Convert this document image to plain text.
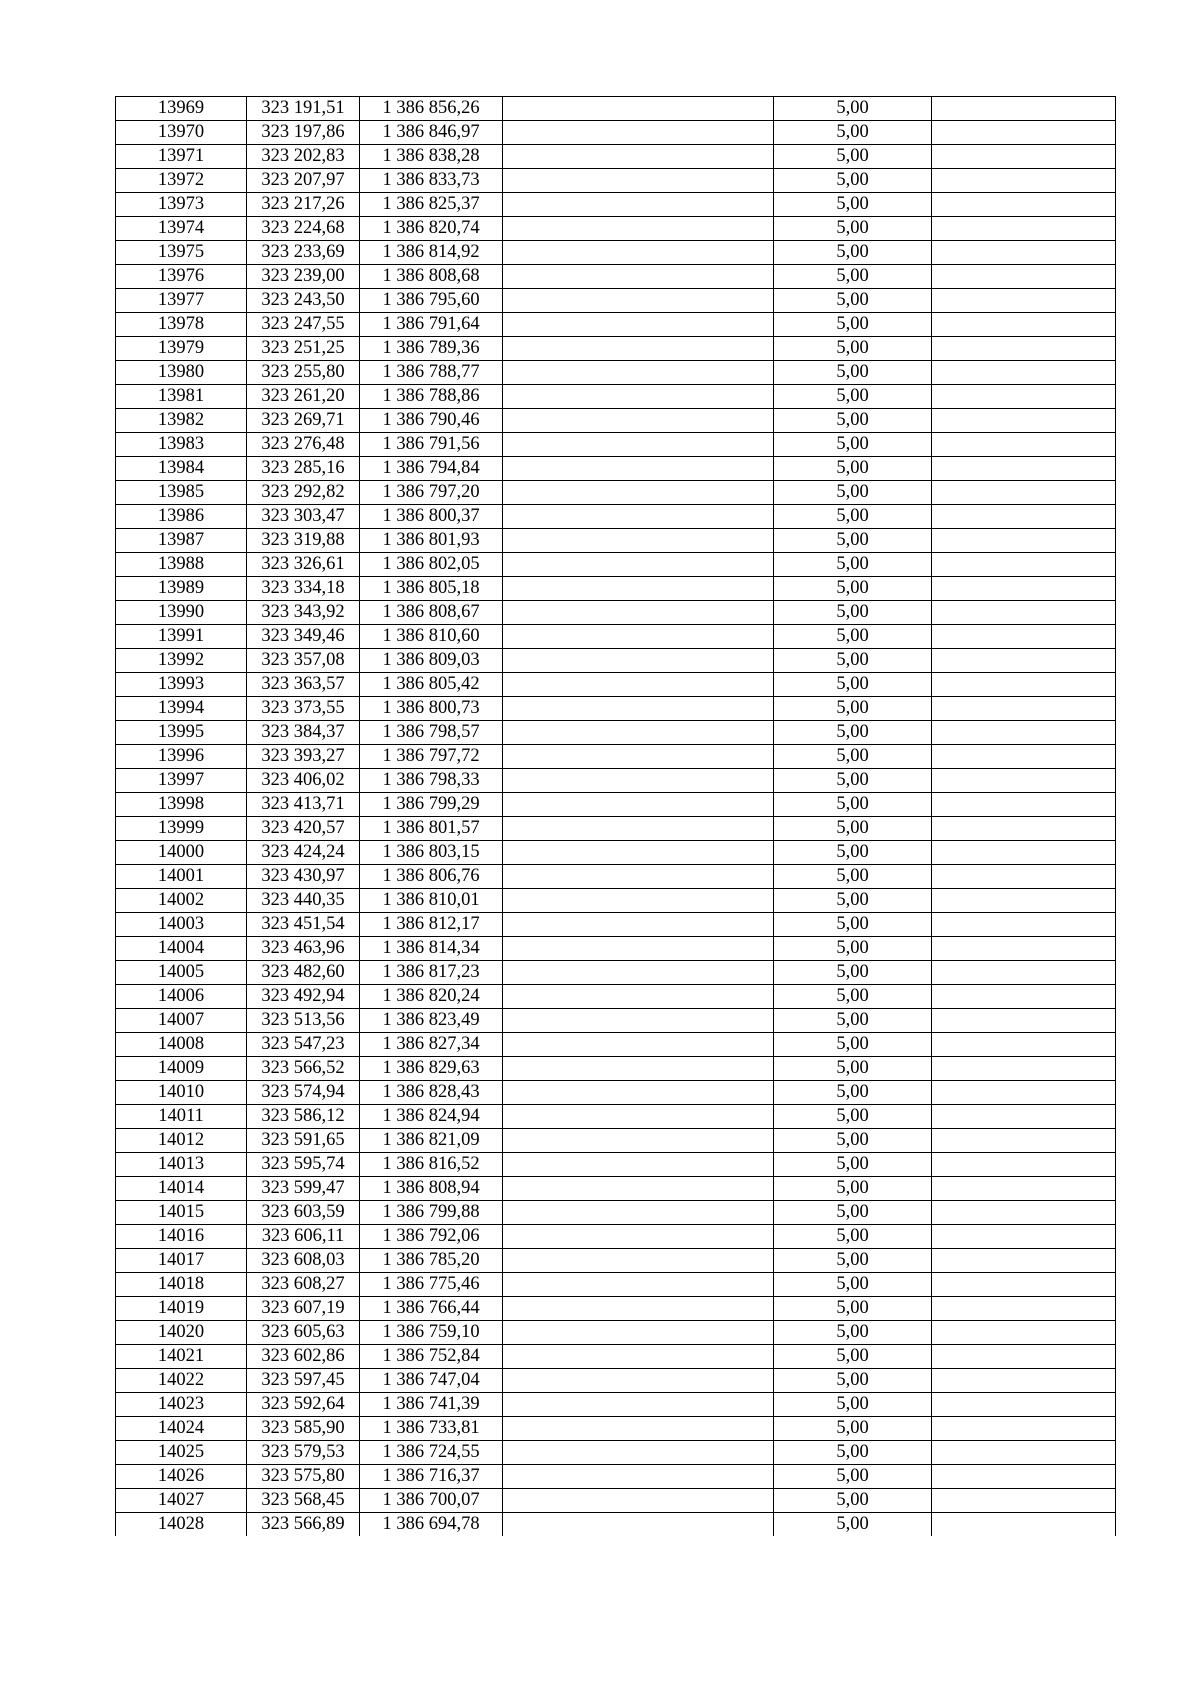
13969	323 191,51	1 386 856,26		5,00	
13970	323 197,86	1 386 846,97		5,00	
13971	323 202,83	1 386 838,28		5,00	
13972	323 207,97	1 386 833,73		5,00	
13973	323 217,26	1 386 825,37		5,00	
13974	323 224,68	1 386 820,74		5,00	
13975	323 233,69	1 386 814,92		5,00	
13976	323 239,00	1 386 808,68		5,00	
13977	323 243,50	1 386 795,60		5,00	
13978	323 247,55	1 386 791,64		5,00	
13979	323 251,25	1 386 789,36		5,00	
13980	323 255,80	1 386 788,77		5,00	
13981	323 261,20	1 386 788,86		5,00	
13982	323 269,71	1 386 790,46		5,00	
13983	323 276,48	1 386 791,56		5,00	
13984	323 285,16	1 386 794,84		5,00	
13985	323 292,82	1 386 797,20		5,00	
13986	323 303,47	1 386 800,37		5,00	
13987	323 319,88	1 386 801,93		5,00	
13988	323 326,61	1 386 802,05		5,00	
13989	323 334,18	1 386 805,18		5,00	
13990	323 343,92	1 386 808,67		5,00	
13991	323 349,46	1 386 810,60		5,00	
13992	323 357,08	1 386 809,03		5,00	
13993	323 363,57	1 386 805,42		5,00	
13994	323 373,55	1 386 800,73		5,00	
13995	323 384,37	1 386 798,57		5,00	
13996	323 393,27	1 386 797,72		5,00	
13997	323 406,02	1 386 798,33		5,00	
13998	323 413,71	1 386 799,29		5,00	
13999	323 420,57	1 386 801,57		5,00	
14000	323 424,24	1 386 803,15		5,00	
14001	323 430,97	1 386 806,76		5,00	
14002	323 440,35	1 386 810,01		5,00	
14003	323 451,54	1 386 812,17		5,00	
14004	323 463,96	1 386 814,34		5,00	
14005	323 482,60	1 386 817,23		5,00	
14006	323 492,94	1 386 820,24		5,00	
14007	323 513,56	1 386 823,49		5,00	
14008	323 547,23	1 386 827,34		5,00	
14009	323 566,52	1 386 829,63		5,00	
14010	323 574,94	1 386 828,43		5,00	
14011	323 586,12	1 386 824,94		5,00	
14012	323 591,65	1 386 821,09		5,00	
14013	323 595,74	1 386 816,52		5,00	
14014	323 599,47	1 386 808,94		5,00	
14015	323 603,59	1 386 799,88		5,00	
14016	323 606,11	1 386 792,06		5,00	
14017	323 608,03	1 386 785,20		5,00	
14018	323 608,27	1 386 775,46		5,00	
14019	323 607,19	1 386 766,44		5,00	
14020	323 605,63	1 386 759,10		5,00	
14021	323 602,86	1 386 752,84		5,00	
14022	323 597,45	1 386 747,04		5,00	
14023	323 592,64	1 386 741,39		5,00	
14024	323 585,90	1 386 733,81		5,00	
14025	323 579,53	1 386 724,55		5,00	
14026	323 575,80	1 386 716,37		5,00	
14027	323 568,45	1 386 700,07		5,00	
14028	323 566,89	1 386 694,78		5,00	
